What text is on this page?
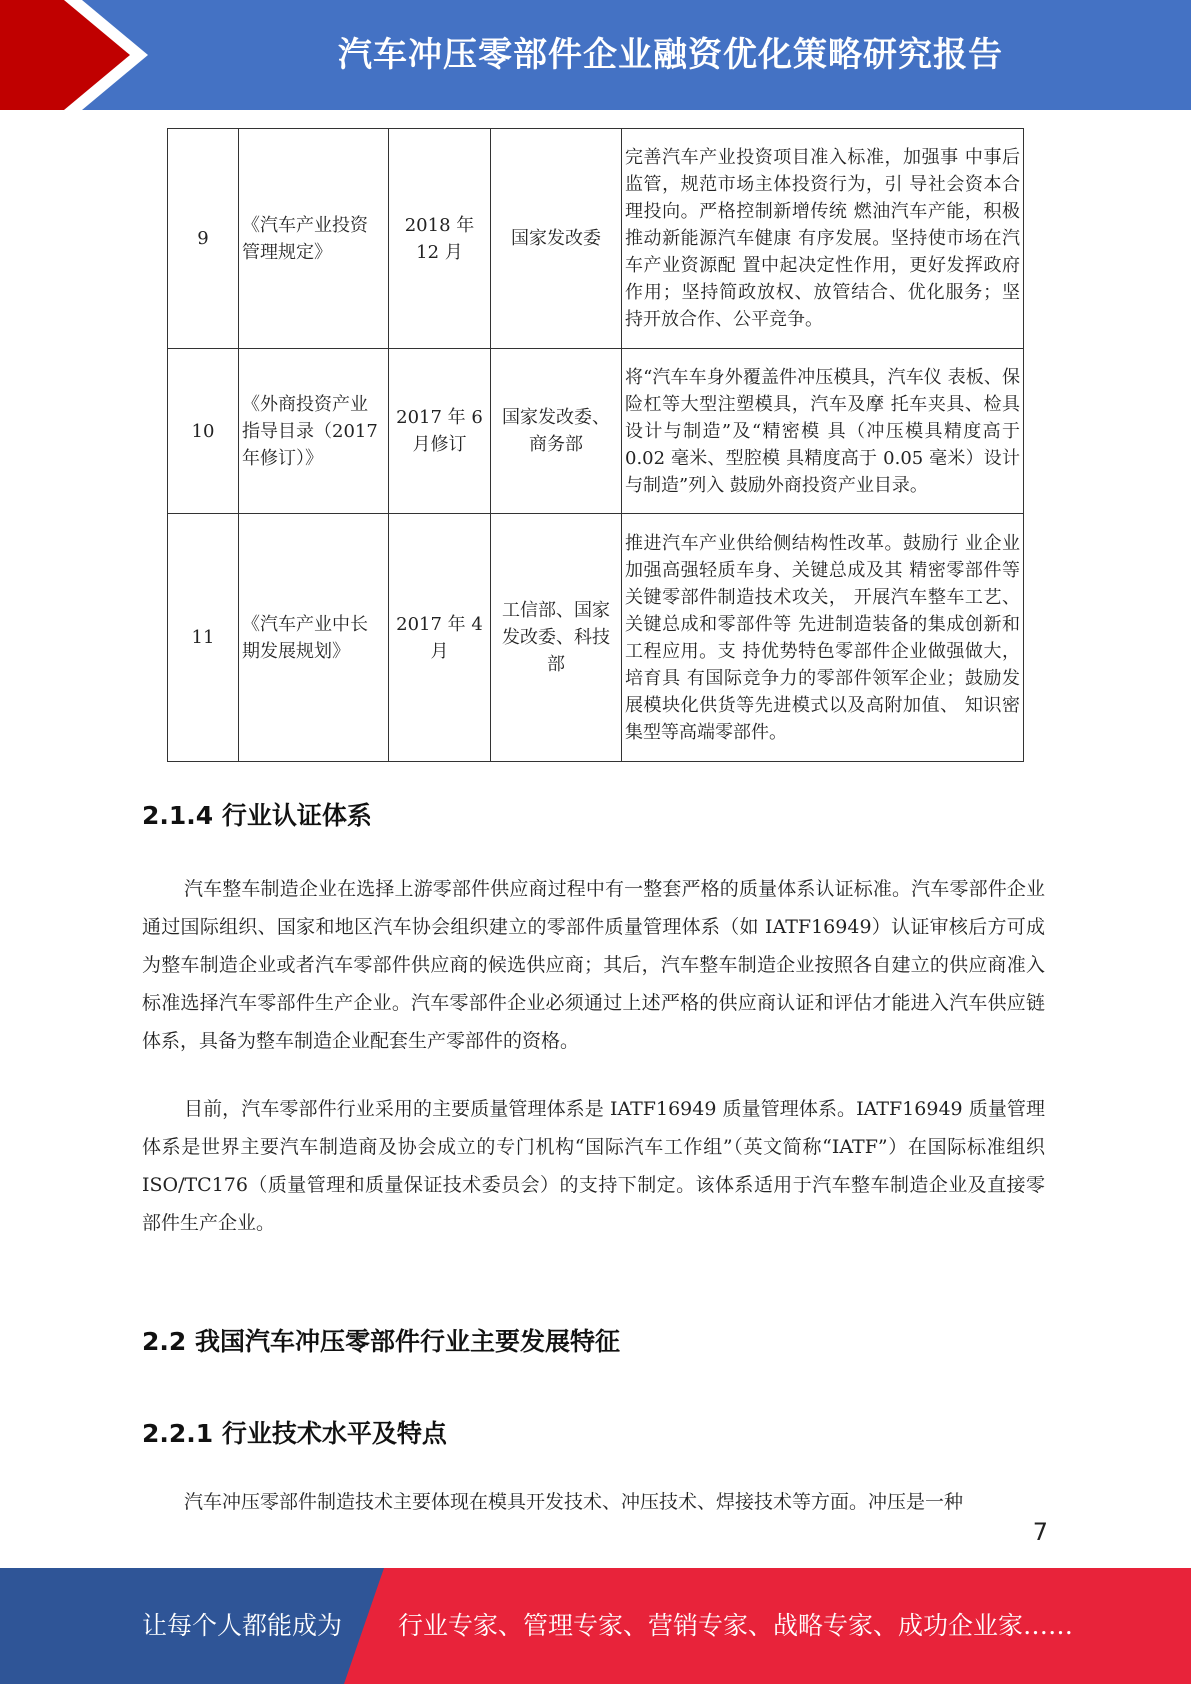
汽车冲压零部件企业融资优化策略研究报告
9	《汽车产业投资管理规定》	2018 年 12 月	国家发改委	完善汽车产业投资项目准入标准，加强事 中事后监管，规范市场主体投资行为，引 导社会资本合理投向。严格控制新增传统 燃油汽车产能，积极推动新能源汽车健康 有序发展。坚持使市场在汽车产业资源配 置中起决定性作用，更好发挥政府作用；坚持简政放权、放管结合、优化服务；坚 持开放合作、公平竞争。
10	《外商投资产业指导目录（2017 年修订）》	2017 年 6 月修订	国家发改委、商务部	将“汽车车身外覆盖件冲压模具，汽车仪 表板、保险杠等大型注塑模具，汽车及摩 托车夹具、检具设计与制造”及“精密模 具（冲压模具精度高于 0.02 毫米、型腔模 具精度高于 0.05 毫米）设计与制造”列入 鼓励外商投资产业目录。
11	《汽车产业中长期发展规划》	2017 年 4 月	工信部、国家发改委、科技部	推进汽车产业供给侧结构性改革。鼓励行 业企业加强高强轻质车身、关键总成及其 精密零部件等关键零部件制造技术攻关， 开展汽车整车工艺、关键总成和零部件等 先进制造装备的集成创新和工程应用。支 持优势特色零部件企业做强做大，培育具 有国际竞争力的零部件领军企业；鼓励发 展模块化供货等先进模式以及高附加值、 知识密集型等高端零部件。
2.1.4 行业认证体系

汽车整车制造企业在选择上游零部件供应商过程中有一整套严格的质量体系认证标准。汽车零部件企业通过国际组织、国家和地区汽车协会组织建立的零部件质量管理体系（如 IATF16949）认证审核后方可成为整车制造企业或者汽车零部件供应商的候选供应商；其后，汽车整车制造企业按照各自建立的供应商准入标准选择汽车零部件生产企业。汽车零部件企业必须通过上述严格的供应商认证和评估才能进入汽车供应链体系，具备为整车制造企业配套生产零部件的资格。

目前，汽车零部件行业采用的主要质量管理体系是 IATF16949 质量管理体系。IATF16949 质量管理体系是世界主要汽车制造商及协会成立的专门机构“国际汽车工作组”（英文简称“IATF”）在国际标准组织 ISO/TC176（质量管理和质量保证技术委员会）的支持下制定。该体系适用于汽车整车制造企业及直接零部件生产企业。

2.2 我国汽车冲压零部件行业主要发展特征
2.2.1 行业技术水平及特点

汽车冲压零部件制造技术主要体现在模具开发技术、冲压技术、焊接技术等方面。冲压是一种

7
让每个人都能成为 行业专家、管理专家、营销专家、战略专家、成功企业家……
